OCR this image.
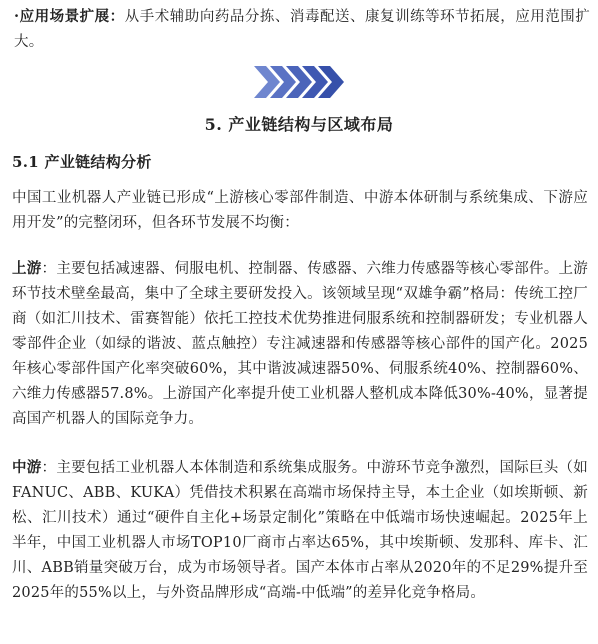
·应用场景扩展：从手术辅助向药品分拣、消毒配送、康复训练等环节拓展，应用范围扩大。

5. 产业链结构与区域布局
5.1 产业链结构分析

中国工业机器人产业链已形成“上游核心零部件制造、中游本体研制与系统集成、下游应用开发”的完整闭环，但各环节发展不均衡：

上游：主要包括减速器、伺服电机、控制器、传感器、六维力传感器等核心零部件。上游环节技术壁垒最高，集中了全球主要研发投入。该领域呈现“双雄争霸”格局：传统工控厂商（如汇川技术、雷赛智能）依托工控技术优势推进伺服系统和控制器研发；专业机器人零部件企业（如绿的谐波、蓝点触控）专注减速器和传感器等核心部件的国产化。2025年核心零部件国产化率突破60%，其中谐波减速器50%、伺服系统40%、控制器60%、六维力传感器57.8%。上游国产化率提升使工业机器人整机成本降低30%-40%，显著提高国产机器人的国际竞争力。

中游：主要包括工业机器人本体制造和系统集成服务。中游环节竞争激烈，国际巨头（如FANUC、ABB、KUKA）凭借技术积累在高端市场保持主导，本土企业（如埃斯顿、新松、汇川技术）通过“硬件自主化+场景定制化”策略在中低端市场快速崛起。2025年上半年，中国工业机器人市场TOP10厂商市占率达65%，其中埃斯顿、发那科、库卡、汇川、ABB销量突破万台，成为市场领导者。国产本体市占率从2020年的不足29%提升至2025年的55%以上，与外资品牌形成“高端-中低端”的差异化竞争格局。
